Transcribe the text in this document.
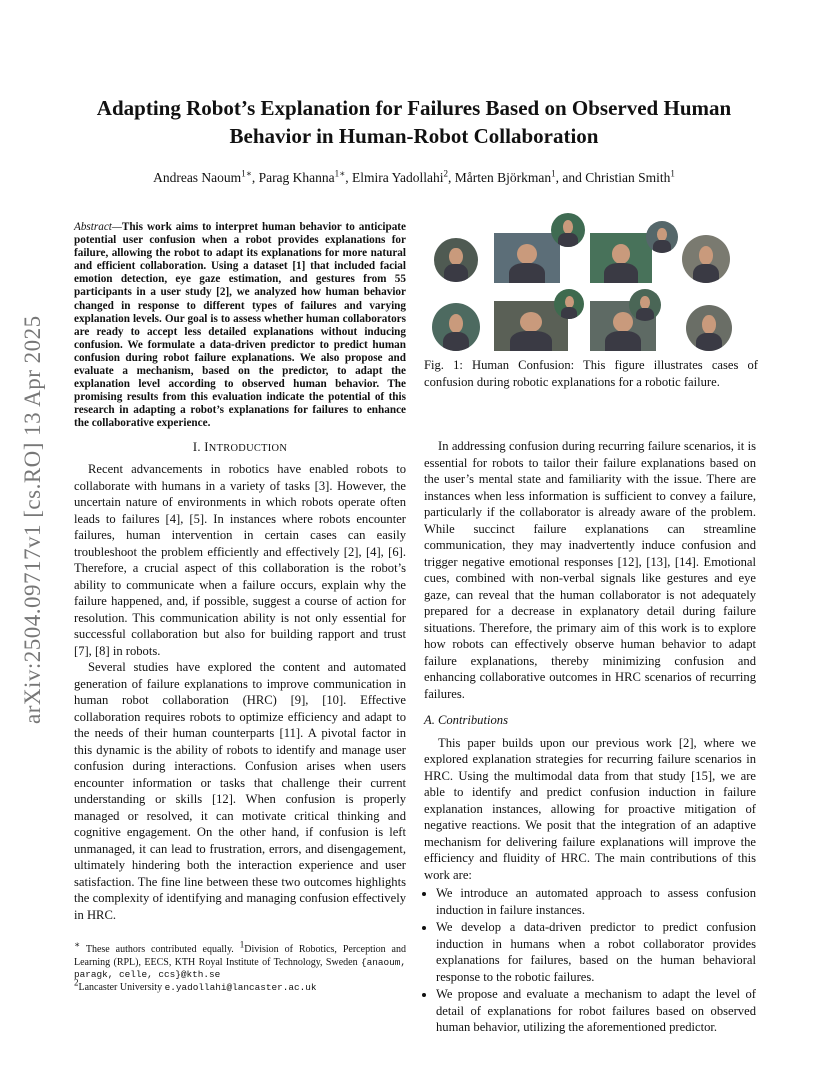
arXiv:2504.09717v1 [cs.RO] 13 Apr 2025
Adapting Robot’s Explanation for Failures Based on Observed Human Behavior in Human-Robot Collaboration
Andreas Naoum$^{1∗}$, Parag Khanna$^{1∗}$, Elmira Yadollahi$^2$, Mårten Björkman$^1$, and Christian Smith$^1$

Abstract—This work aims to interpret human behavior to anticipate potential user confusion when a robot provides explanations for failure, allowing the robot to adapt its explanations for more natural and efficient collaboration. Using a dataset [1] that included facial emotion detection, eye gaze estimation, and gestures from 55 participants in a user study [2], we analyzed how human behavior changed in response to different types of failures and varying explanation levels. Our goal is to assess whether human collaborators are ready to accept less detailed explanations without inducing confusion. We formulate a data-driven predictor to predict human confusion during robot failure explanations. We also propose and evaluate a mechanism, based on the predictor, to adapt the explanation level according to observed human behavior. The promising results from this evaluation indicate the potential of this research in adapting a robot’s explanations for failures to enhance the collaborative experience.

I. INTRODUCTION

Recent advancements in robotics have enabled robots to collaborate with humans in a variety of tasks [3]. However, the uncertain nature of environments in which robots operate often leads to failures [4], [5]. In instances where robots encounter failures, human intervention in certain cases can easily troubleshoot the problem efficiently and effectively [2], [4], [6]. Therefore, a crucial aspect of this collaboration is the robot’s ability to communicate when a failure occurs, explain why the failure happened, and, if possible, suggest a course of action for resolution. This communication ability is not only essential for successful collaboration but also for building rapport and trust [7], [8] in robots.

Several studies have explored the content and automated generation of failure explanations to improve communication in human robot collaboration (HRC) [9], [10]. Effective collaboration requires robots to optimize efficiency and adapt to the needs of their human counterparts [11]. A pivotal factor in this dynamic is the ability of robots to identify and manage user confusion during interactions. Confusion arises when users encounter information or tasks that challenge their current understanding or skills [12]. When confusion is properly managed or resolved, it can motivate critical thinking and cognitive engagement. On the other hand, if confusion is left unmanaged, it can lead to frustration, errors, and disengagement, ultimately hindering both the interaction experience and user satisfaction. The fine line between these two outcomes highlights the complexity of identifying and managing confusion effectively in HRC.

∗ These authors contributed equally. $^1$Division of Robotics, Perception and Learning (RPL), EECS, KTH Royal Institute of Technology, Sweden {anaoum, paragk, celle, ccs}@kth.se
$^2$Lancaster University e.yadollahi@lancaster.ac.uk
Fig. 1: Human Confusion: This figure illustrates cases of confusion during robotic explanations for a robotic failure.

In addressing confusion during recurring failure scenarios, it is essential for robots to tailor their failure explanations based on the user’s mental state and familiarity with the issue. There are instances when less information is sufficient to convey a failure, particularly if the collaborator is already aware of the problem. While succinct failure explanations can streamline communication, they may inadvertently induce confusion and trigger negative emotional responses [12], [13], [14]. Emotional cues, combined with non-verbal signals like gestures and eye gaze, can reveal that the human collaborator is not adequately prepared for a decrease in explanatory detail during failure situations. Therefore, the primary aim of this work is to explore how robots can effectively observe human behavior to adapt failure explanations, thereby minimizing confusion and enhancing collaborative outcomes in HRC scenarios of recurring failures.

A. Contributions

This paper builds upon our previous work [2], where we explored explanation strategies for recurring failure scenarios in HRC. Using the multimodal data from that study [15], we are able to identify and predict confusion induction in failure explanation instances, allowing for proactive mitigation of negative reactions. We posit that the integration of an adaptive mechanism for delivering failure explanations will improve the efficiency and fluidity of HRC. The main contributions of this work are:

• We introduce an automated approach to assess confusion induction in failure instances.
• We develop a data-driven predictor to predict confusion induction in humans when a robot collaborator provides explanations for failures, based on the human behavioral response to the robotic failures.
• We propose and evaluate a mechanism to adapt the level of detail of explanations for robot failures based on observed human behavior, utilizing the aforementioned predictor.
